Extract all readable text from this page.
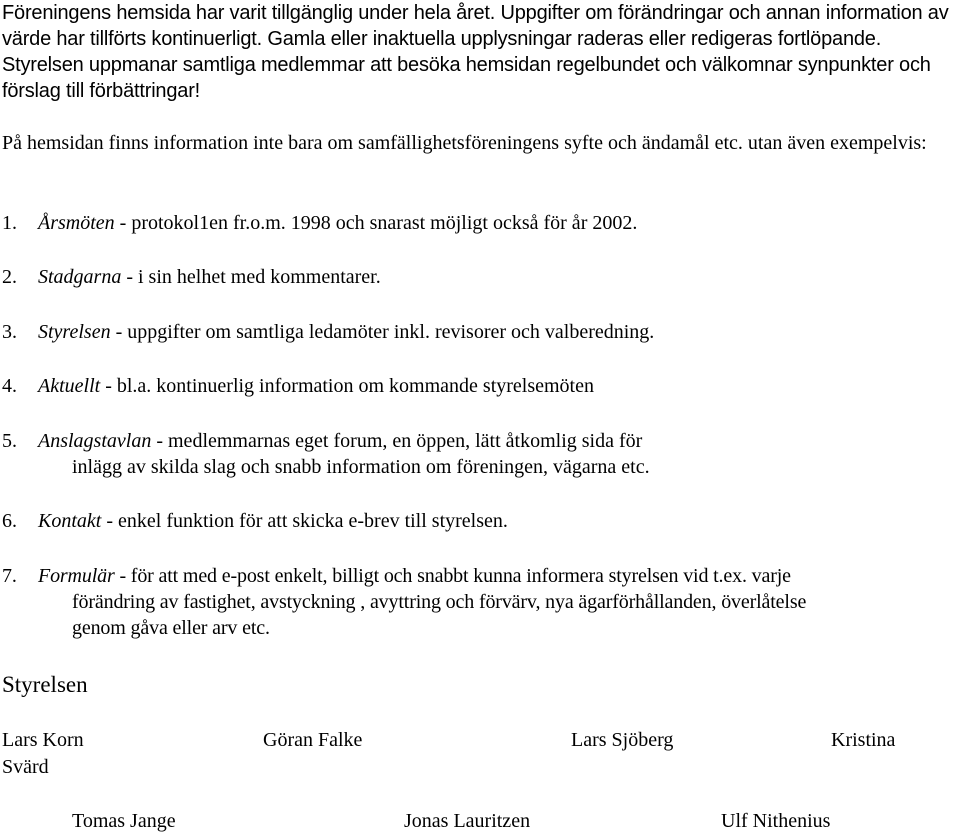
Föreningens hemsida har varit tillgänglig under hela året. Uppgifter om förändringar och annan information av värde har tillförts kontinuerligt. Gamla eller inaktuella upplysningar raderas eller redigeras fortlöpande. Styrelsen uppmanar samtliga medlemmar att besöka hemsidan regelbundet och välkomnar synpunkter och förslag till förbättringar!

På hemsidan finns information inte bara om samfällighetsföreningens syfte och ändamål etc. utan även exempelvis:

1. Årsmöten - protokol1en fr.o.m. 1998 och snarast möjligt också för år 2002.
2. Stadgarna - i sin helhet med kommentarer.
3. Styrelsen - uppgifter om samtliga ledamöter inkl. revisorer och valberedning.
4. Aktuellt - bl.a. kontinuerlig information om kommande styrelsemöten
5. Anslagstavlan - medlemmarnas eget forum, en öppen, lätt åtkomlig sida för
inlägg av skilda slag och snabb information om föreningen, vägarna etc.
6. Kontakt - enkel funktion för att skicka e-brev till styrelsen.
7. Formulär - för att med e-post enkelt, billigt och snabbt kunna informera styrelsen vid t.ex. varje
förändring av fastighet, avstyckning , avyttring och förvärv, nya ägarförhållanden, överlåtelse
genom gåva eller arv etc.

Styrelsen

Lars Korn	Göran Falke	Lars Sjöberg	Kristina
Svärd
Tomas Jange	Jonas Lauritzen	Ulf Nithenius
